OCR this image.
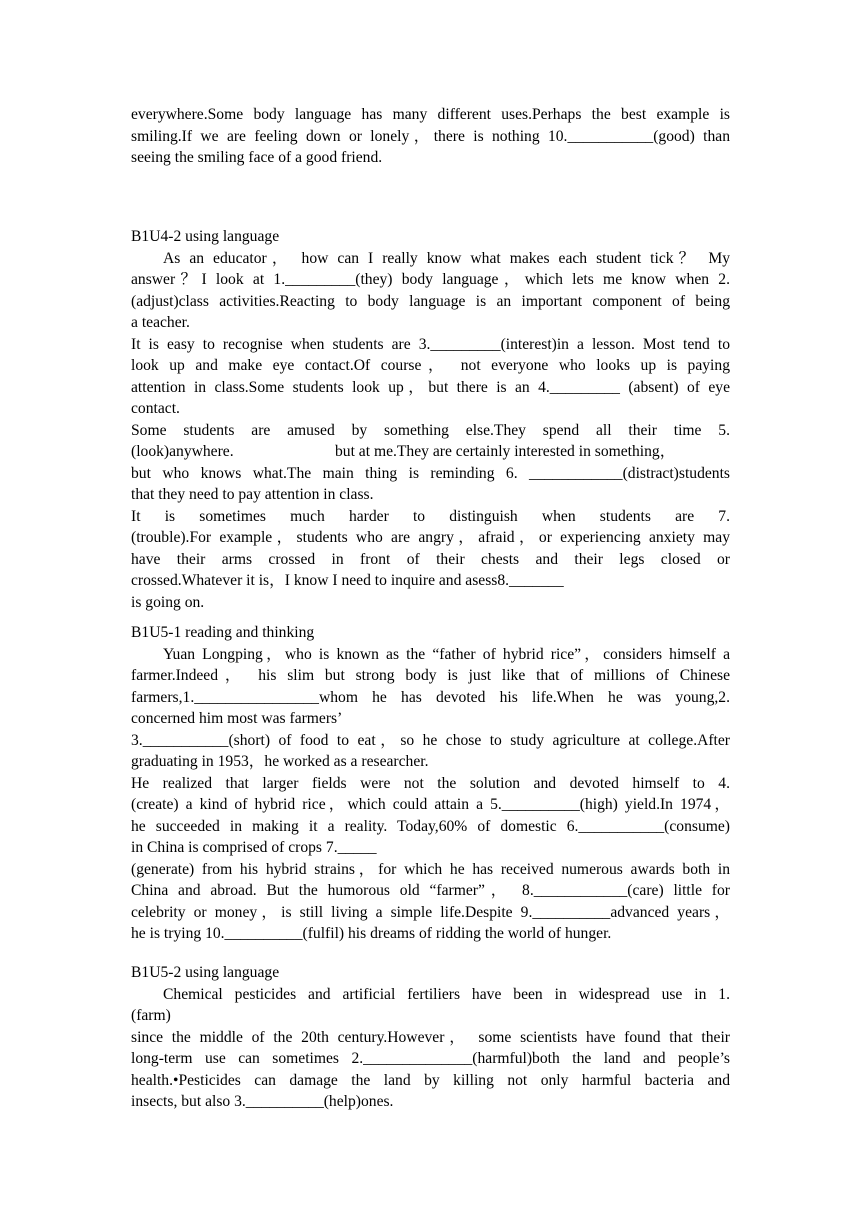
everywhere.Some body language has many different uses.Perhaps the best example is
smiling.If we are feeling down or lonely，there is nothing 10.___________(good) than
seeing the smiling face of a good friend.
B1U4-2 using language
As an educator， how can I really know what makes each student tick？ My
answer？I look at 1._________(they) body language，which lets me know when 2.
(adjust)class activities.Reacting to body language is an important component of being
a teacher.
It is easy to recognise when students are 3._________(interest)in a lesson. Most tend to
look up and make eye contact.Of course， not everyone who looks up is paying
attention in class.Some students look up，but there is an 4._________ (absent) of eye
contact.
Some students are amused by something else.They spend all their time 5.
(look)anywhere.                          but at me.They are certainly interested in something，
but who knows what.The main thing is reminding 6. ____________(distract)students
that they need to pay attention in class.
It is sometimes much harder to distinguish when students are 7.
(trouble).For example，students who are angry，afraid，or experiencing anxiety may
have their arms crossed in front of their chests and their legs closed or
crossed.Whatever it is，I know I need to inquire and asess8._______
is going on.
B1U5-1 reading and thinking
Yuan Longping，who is known as the “father of hybrid rice”，considers himself a
farmer.Indeed， his slim but strong body is just like that of millions of Chinese
farmers,1.________________whom he has devoted his life.When he was young,2.
concerned him most was farmers’
3.___________(short) of food to eat，so he chose to study agriculture at college.After
graduating in 1953，he worked as a researcher.
He realized that larger fields were not the solution and devoted himself to 4.
(create) a kind of hybrid rice，which could attain a 5.__________(high) yield.In 1974，
he succeeded in making it a reality. Today,60% of domestic 6.___________(consume)
in China is comprised of crops 7._____
(generate) from his hybrid strains，for which he has received numerous awards both in
China and abroad. But the humorous old “farmer”， 8.____________(care) little for
celebrity or money，is still living a simple life.Despite 9.__________advanced years，
he is trying 10.__________(fulfil) his dreams of ridding the world of hunger.
B1U5-2 using language
Chemical pesticides and artificial fertiliers have been in widespread use in 1.
(farm)
since the middle of the 20th century.However， some scientists have found that their
long-term use can sometimes 2.______________(harmful)both the land and people’s
health.•Pesticides can damage the land by killing not only harmful bacteria and
insects, but also 3.__________(help)ones.
